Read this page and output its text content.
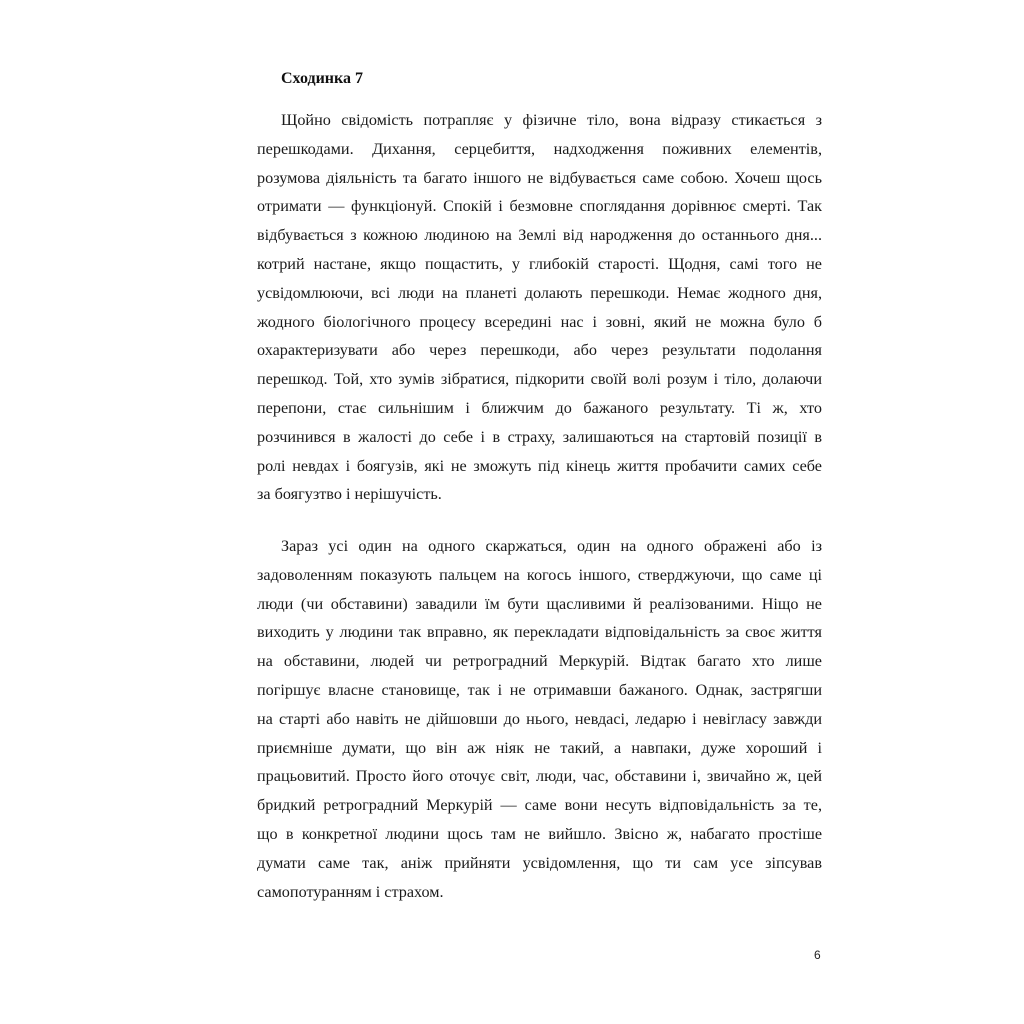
Сходинка 7
Щойно свідомість потрапляє у фізичне тіло, вона відразу стикається з
перешкодами. Дихання, серцебиття, надходження поживних елементів,
розумова діяльність та багато іншого не відбувається саме собою. Хочеш щось
отримати — функціонуй. Спокій і безмовне споглядання дорівнює смерті. Так
відбувається з кожною людиною на Землі від народження до останнього дня...
котрий настане, якщо пощастить, у глибокій старості. Щодня, самі того не
усвідомлюючи, всі люди на планеті долають перешкоди. Немає жодного дня,
жодного біологічного процесу всередині нас і зовні, який не можна було б
охарактеризувати або через перешкоди, або через результати подолання
перешкод. Той, хто зумів зібратися, підкорити своїй волі розум і тіло, долаючи
перепони, стає сильнішим і ближчим до бажаного результату. Ті ж, хто
розчинився в жалості до себе і в страху, залишаються на стартовій позиції в
ролі невдах і боягузів, які не зможуть під кінець життя пробачити самих себе
за боягузтво і нерішучість.
Зараз усі один на одного скаржаться, один на одного ображені або із
задоволенням показують пальцем на когось іншого, стверджуючи, що саме ці
люди (чи обставини) завадили їм бути щасливими й реалізованими. Ніщо не
виходить у людини так вправно, як перекладати відповідальність за своє життя
на обставини, людей чи ретроградний Меркурій. Відтак багато хто лише
погіршує власне становище, так і не отримавши бажаного. Однак, застрягши
на старті або навіть не дійшовши до нього, невдасі, ледарю і невігласу завжди
приємніше думати, що він аж ніяк не такий, а навпаки, дуже хороший і
працьовитий. Просто його оточує світ, люди, час, обставини і, звичайно ж, цей
бридкий ретроградний Меркурій — саме вони несуть відповідальність за те,
що в конкретної людини щось там не вийшло. Звісно ж, набагато простіше
думати саме так, аніж прийняти усвідомлення, що ти сам усе зіпсував
самопотуранням і страхом.
6
